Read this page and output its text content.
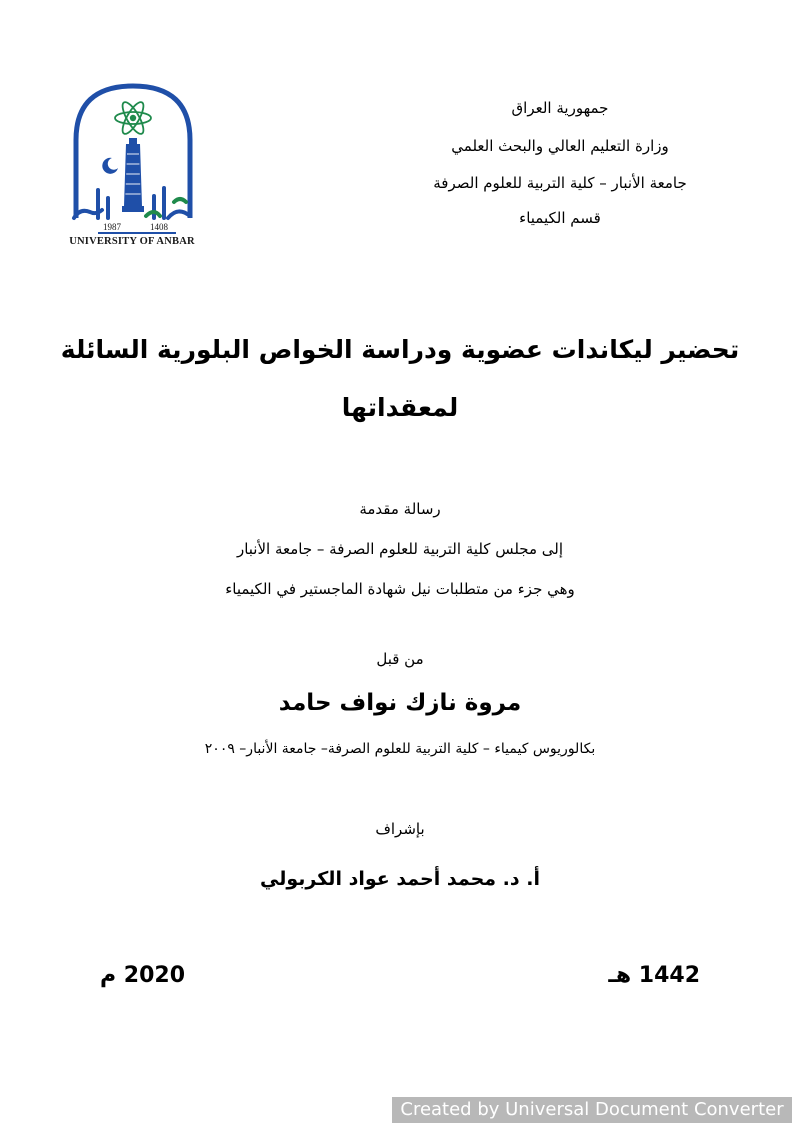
جمهورية العراق
وزارة التعليم العالي والبحث العلمي
جامعة الأنبار – كلية التربية للعلوم الصرفة
قسم الكيمياء
1987	1408
UNIVERSITY OF ANBAR
تحضير ليكاندات عضوية ودراسة الخواص البلورية السائلة
لمعقداتها
رسالة مقدمة
إلى مجلس كلية التربية للعلوم الصرفة – جامعة الأنبار
وهي جزء من متطلبات نيل شهادة الماجستير في الكيمياء
من قبل
مروة نازك نواف حامد
بكالوريوس كيمياء – كلية التربية للعلوم الصرفة– جامعة الأنبار– ٢٠٠٩
بإشراف
أ. د. محمد أحمد عواد الكربولي
1442 هـ
2020 م
Created by Universal Document Converter
